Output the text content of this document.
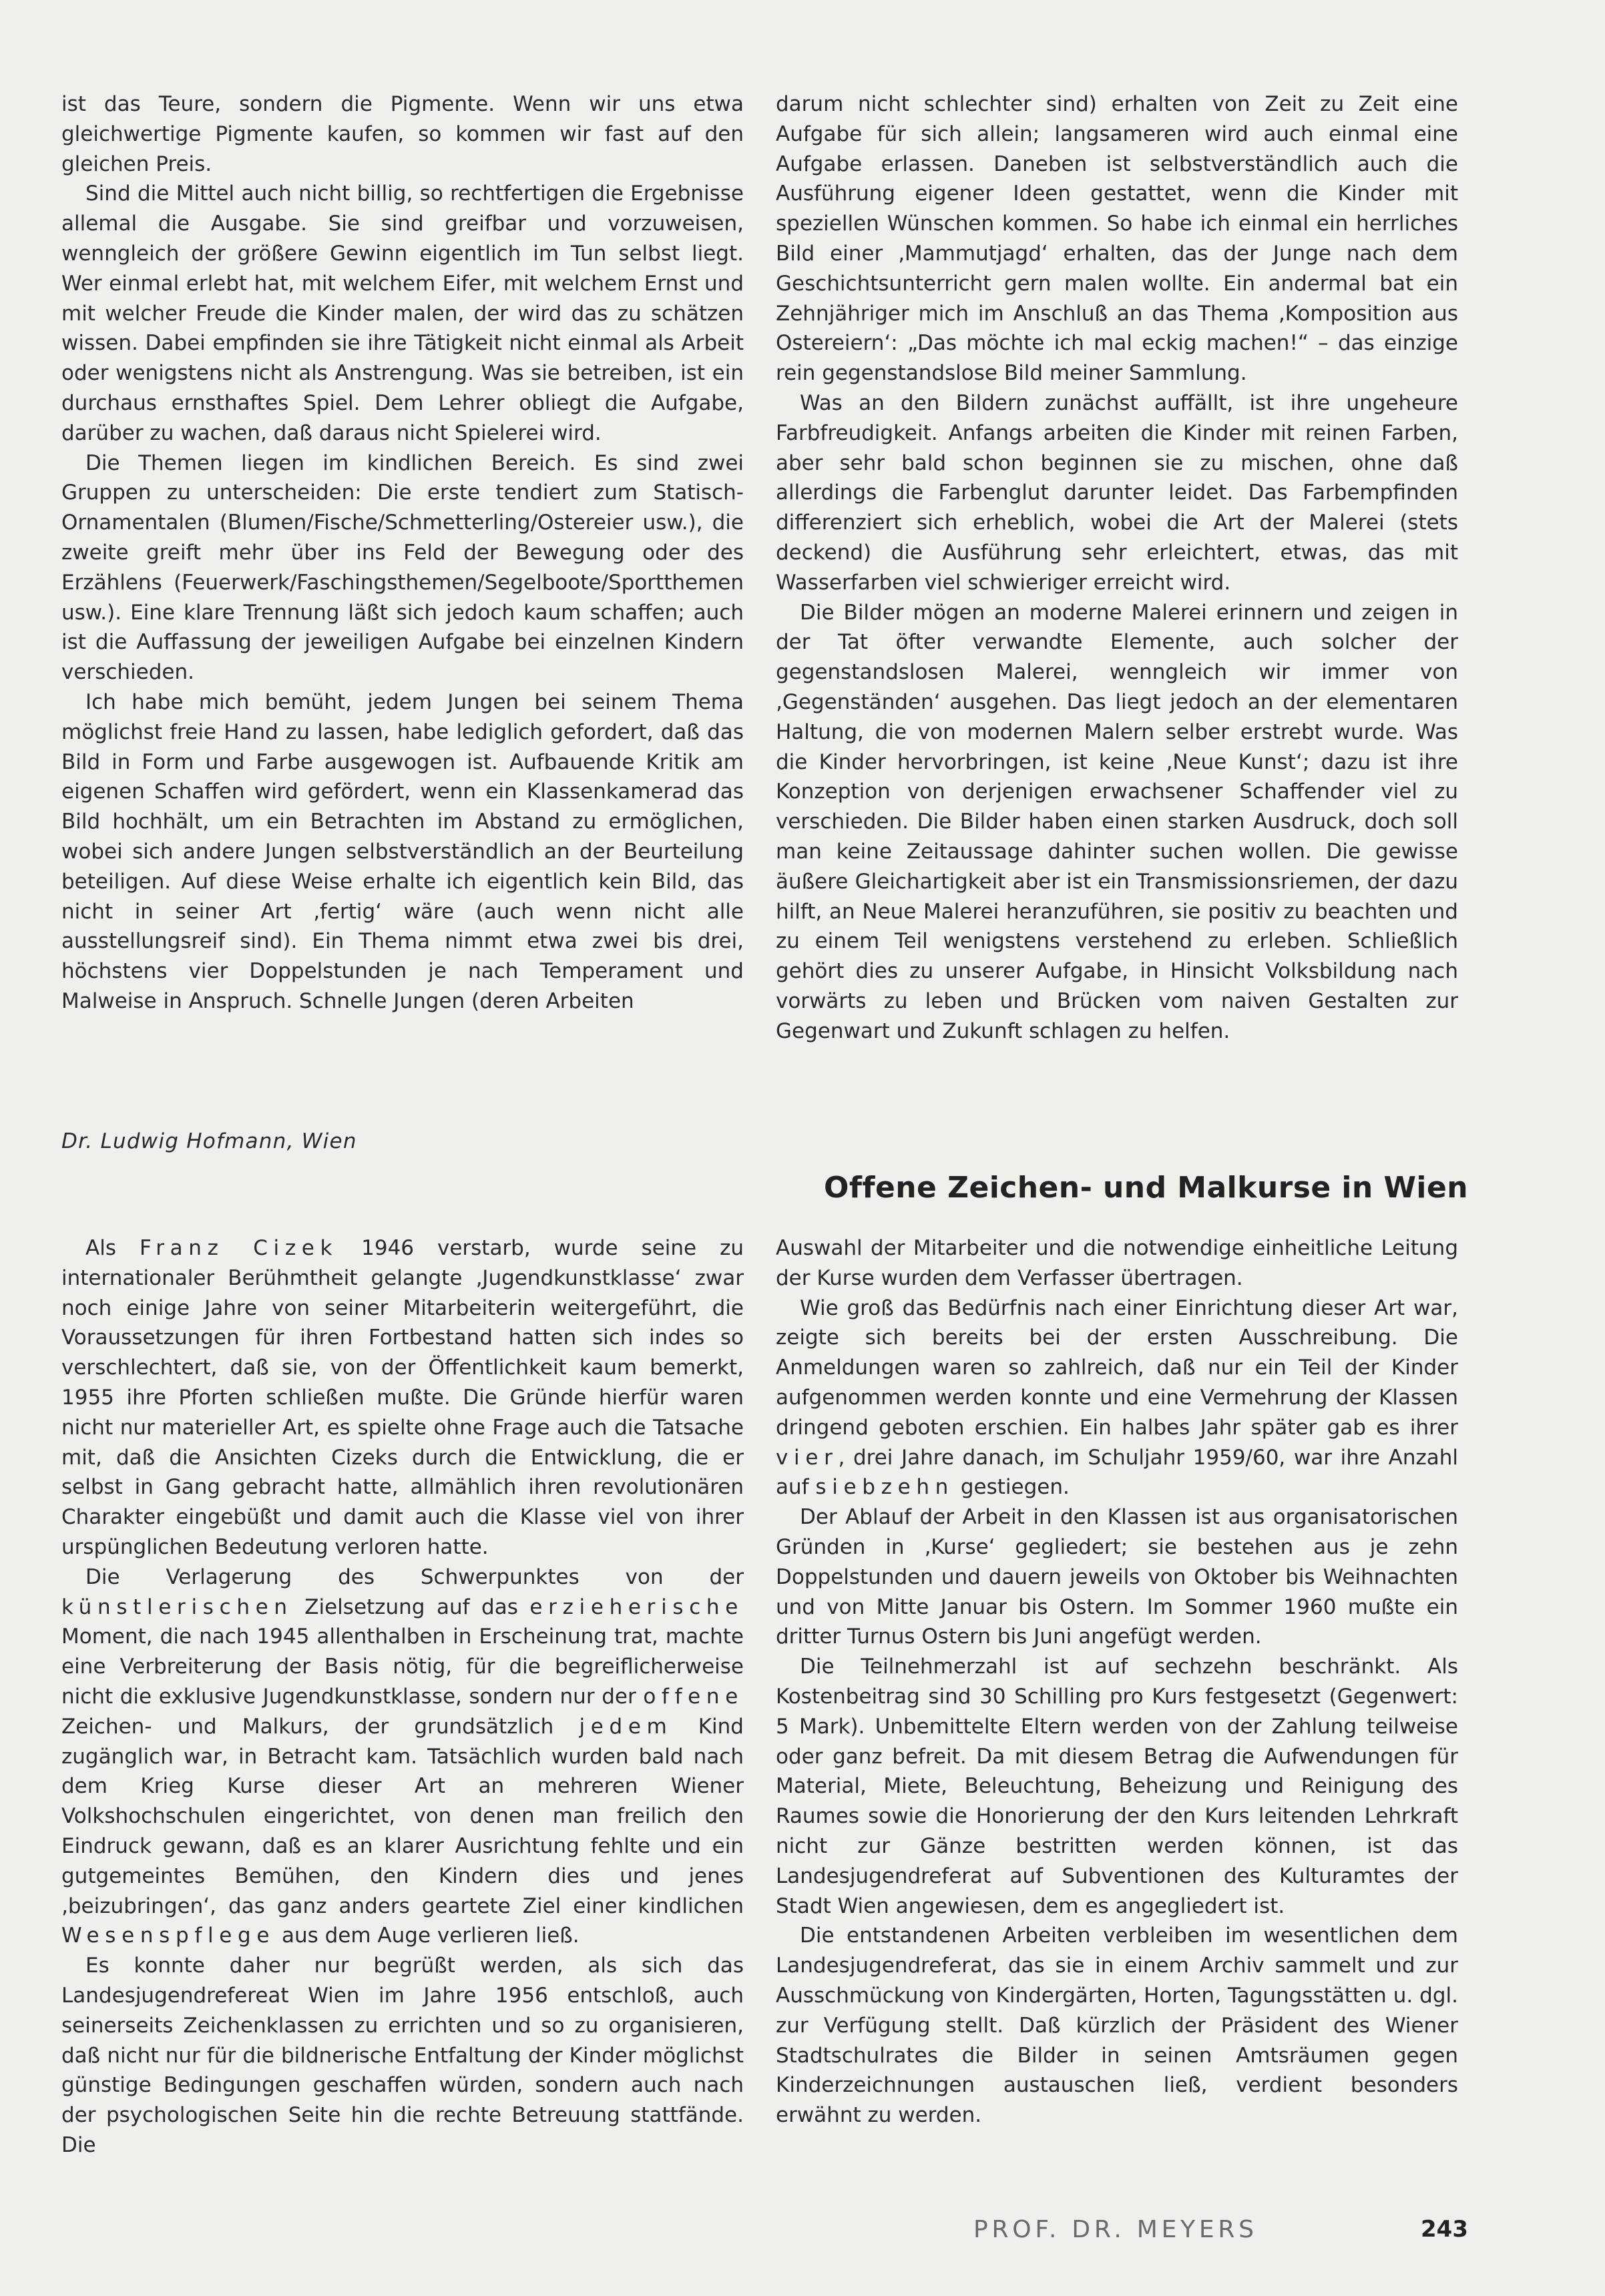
ist das Teure, sondern die Pigmente. Wenn wir uns etwa gleichwertige Pigmente kaufen, so kommen wir fast auf den gleichen Preis.

Sind die Mittel auch nicht billig, so rechtfertigen die Ergebnisse allemal die Ausgabe. Sie sind greifbar und vorzuweisen, wenngleich der größere Gewinn eigentlich im Tun selbst liegt. Wer einmal erlebt hat, mit welchem Eifer, mit welchem Ernst und mit welcher Freude die Kinder malen, der wird das zu schätzen wissen. Dabei empfinden sie ihre Tätigkeit nicht einmal als Arbeit oder wenigstens nicht als Anstrengung. Was sie betreiben, ist ein durchaus ernsthaftes Spiel. Dem Lehrer obliegt die Aufgabe, darüber zu wachen, daß daraus nicht Spielerei wird.

Die Themen liegen im kindlichen Bereich. Es sind zwei Gruppen zu unterscheiden: Die erste tendiert zum Statisch-Ornamentalen (Blumen/Fische/Schmetterling/Ostereier usw.), die zweite greift mehr über ins Feld der Bewegung oder des Erzählens (Feuerwerk/Faschingsthemen/Segelboote/Sportthemen usw.). Eine klare Trennung läßt sich jedoch kaum schaffen; auch ist die Auffassung der jeweiligen Aufgabe bei einzelnen Kindern verschieden.

Ich habe mich bemüht, jedem Jungen bei seinem Thema möglichst freie Hand zu lassen, habe lediglich gefordert, daß das Bild in Form und Farbe ausgewogen ist. Aufbauende Kritik am eigenen Schaffen wird gefördert, wenn ein Klassenkamerad das Bild hochhält, um ein Betrachten im Abstand zu ermöglichen, wobei sich andere Jungen selbstverständlich an der Beurteilung beteiligen. Auf diese Weise erhalte ich eigentlich kein Bild, das nicht in seiner Art ‚fertig‘ wäre (auch wenn nicht alle ausstellungsreif sind). Ein Thema nimmt etwa zwei bis drei, höchstens vier Doppelstunden je nach Temperament und Malweise in Anspruch. Schnelle Jungen (deren Arbeiten

darum nicht schlechter sind) erhalten von Zeit zu Zeit eine Aufgabe für sich allein; langsameren wird auch einmal eine Aufgabe erlassen. Daneben ist selbstverständlich auch die Ausführung eigener Ideen gestattet, wenn die Kinder mit speziellen Wünschen kommen. So habe ich einmal ein herrliches Bild einer ‚Mammutjagd‘ erhalten, das der Junge nach dem Geschichtsunterricht gern malen wollte. Ein andermal bat ein Zehnjähriger mich im Anschluß an das Thema ‚Komposition aus Ostereiern‘: „Das möchte ich mal eckig machen!“ – das einzige rein gegenstandslose Bild meiner Sammlung.

Was an den Bildern zunächst auffällt, ist ihre ungeheure Farbfreudigkeit. Anfangs arbeiten die Kinder mit reinen Farben, aber sehr bald schon beginnen sie zu mischen, ohne daß allerdings die Farbenglut darunter leidet. Das Farbempfinden differenziert sich erheblich, wobei die Art der Malerei (stets deckend) die Ausführung sehr erleichtert, etwas, das mit Wasserfarben viel schwieriger erreicht wird.

Die Bilder mögen an moderne Malerei erinnern und zeigen in der Tat öfter verwandte Elemente, auch solcher der gegenstandslosen Malerei, wenngleich wir immer von ‚Gegenständen‘ ausgehen. Das liegt jedoch an der elementaren Haltung, die von modernen Malern selber erstrebt wurde. Was die Kinder hervorbringen, ist keine ‚Neue Kunst‘; dazu ist ihre Konzeption von derjenigen erwachsener Schaffender viel zu verschieden. Die Bilder haben einen starken Ausdruck, doch soll man keine Zeitaussage dahinter suchen wollen. Die gewisse äußere Gleichartigkeit aber ist ein Transmissionsriemen, der dazu hilft, an Neue Malerei heranzuführen, sie positiv zu beachten und zu einem Teil wenigstens verstehend zu erleben. Schließlich gehört dies zu unserer Aufgabe, in Hinsicht Volksbildung nach vorwärts zu leben und Brücken vom naiven Gestalten zur Gegenwart und Zukunft schlagen zu helfen.

Dr. Ludwig Hofmann, Wien

Offene Zeichen- und Malkurse in Wien

Als Franz Cizek 1946 verstarb, wurde seine zu internationaler Berühmtheit gelangte ‚Jugendkunstklasse‘ zwar noch einige Jahre von seiner Mitarbeiterin weitergeführt, die Voraussetzungen für ihren Fortbestand hatten sich indes so verschlechtert, daß sie, von der Öffentlichkeit kaum bemerkt, 1955 ihre Pforten schließen mußte. Die Gründe hierfür waren nicht nur materieller Art, es spielte ohne Frage auch die Tatsache mit, daß die Ansichten Cizeks durch die Entwicklung, die er selbst in Gang gebracht hatte, allmählich ihren revolutionären Charakter eingebüßt und damit auch die Klasse viel von ihrer urspünglichen Bedeutung verloren hatte.

Die Verlagerung des Schwerpunktes von der künstlerischen Zielsetzung auf das erzieherische Moment, die nach 1945 allenthalben in Erscheinung trat, machte eine Verbreiterung der Basis nötig, für die begreiflicherweise nicht die exklusive Jugendkunstklasse, sondern nur der offene Zeichen- und Malkurs, der grundsätzlich jedem Kind zugänglich war, in Betracht kam. Tatsächlich wurden bald nach dem Krieg Kurse dieser Art an mehreren Wiener Volkshochschulen eingerichtet, von denen man freilich den Eindruck gewann, daß es an klarer Ausrichtung fehlte und ein gutgemeintes Bemühen, den Kindern dies und jenes ‚beizubringen‘, das ganz anders geartete Ziel einer kindlichen Wesenspflege aus dem Auge verlieren ließ.

Es konnte daher nur begrüßt werden, als sich das Landesjugendrefereat Wien im Jahre 1956 entschloß, auch seinerseits Zeichenklassen zu errichten und so zu organisieren, daß nicht nur für die bildnerische Entfaltung der Kinder möglichst günstige Bedingungen geschaffen würden, sondern auch nach der psychologischen Seite hin die rechte Betreuung stattfände. Die

Auswahl der Mitarbeiter und die notwendige einheitliche Leitung der Kurse wurden dem Verfasser übertragen.

Wie groß das Bedürfnis nach einer Einrichtung dieser Art war, zeigte sich bereits bei der ersten Ausschreibung. Die Anmeldungen waren so zahlreich, daß nur ein Teil der Kinder aufgenommen werden konnte und eine Vermehrung der Klassen dringend geboten erschien. Ein halbes Jahr später gab es ihrer vier, drei Jahre danach, im Schuljahr 1959/60, war ihre Anzahl auf siebzehn gestiegen.

Der Ablauf der Arbeit in den Klassen ist aus organisatorischen Gründen in ‚Kurse‘ gegliedert; sie bestehen aus je zehn Doppelstunden und dauern jeweils von Oktober bis Weihnachten und von Mitte Januar bis Ostern. Im Sommer 1960 mußte ein dritter Turnus Ostern bis Juni angefügt werden.

Die Teilnehmerzahl ist auf sechzehn beschränkt. Als Kostenbeitrag sind 30 Schilling pro Kurs festgesetzt (Gegenwert: 5 Mark). Unbemittelte Eltern werden von der Zahlung teilweise oder ganz befreit. Da mit diesem Betrag die Aufwendungen für Material, Miete, Beleuchtung, Beheizung und Reinigung des Raumes sowie die Honorierung der den Kurs leitenden Lehrkraft nicht zur Gänze bestritten werden können, ist das Landesjugendreferat auf Subventionen des Kulturamtes der Stadt Wien angewiesen, dem es angegliedert ist.

Die entstandenen Arbeiten verbleiben im wesentlichen dem Landesjugendreferat, das sie in einem Archiv sammelt und zur Ausschmückung von Kindergärten, Horten, Tagungsstätten u. dgl. zur Verfügung stellt. Daß kürzlich der Präsident des Wiener Stadtschulrates die Bilder in seinen Amtsräumen gegen Kinderzeichnungen austauschen ließ, verdient besonders erwähnt zu werden.

PROF. DR. MEYERS	243
